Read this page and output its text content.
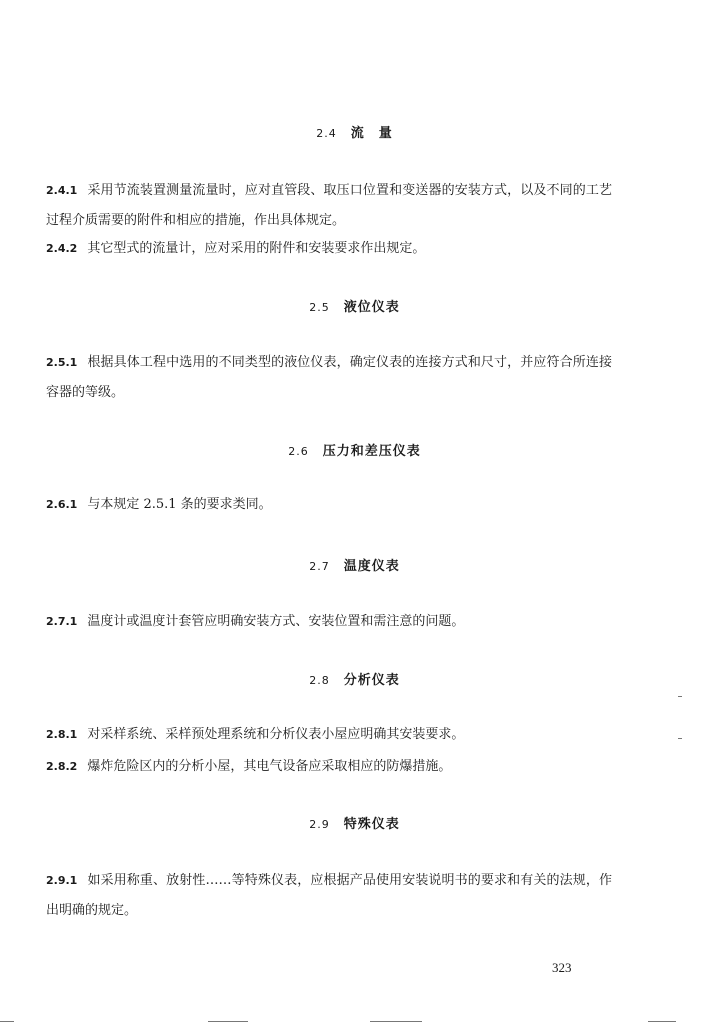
2.4 流　量
2.4.1 采用节流装置测量流量时，应对直管段、取压口位置和变送器的安装方式，以及不同的工艺过程介质需要的附件和相应的措施，作出具体规定。
2.4.2 其它型式的流量计，应对采用的附件和安装要求作出规定。
2.5 液位仪表
2.5.1 根据具体工程中选用的不同类型的液位仪表，确定仪表的连接方式和尺寸，并应符合所连接容器的等级。
2.6 压力和差压仪表
2.6.1 与本规定 2.5.1 条的要求类同。
2.7 温度仪表
2.7.1 温度计或温度计套管应明确安装方式、安装位置和需注意的问题。
2.8 分析仪表
2.8.1 对采样系统、采样预处理系统和分析仪表小屋应明确其安装要求。
2.8.2 爆炸危险区内的分析小屋，其电气设备应采取相应的防爆措施。
2.9 特殊仪表
2.9.1 如采用称重、放射性……等特殊仪表，应根据产品使用安装说明书的要求和有关的法规，作出明确的规定。
323
